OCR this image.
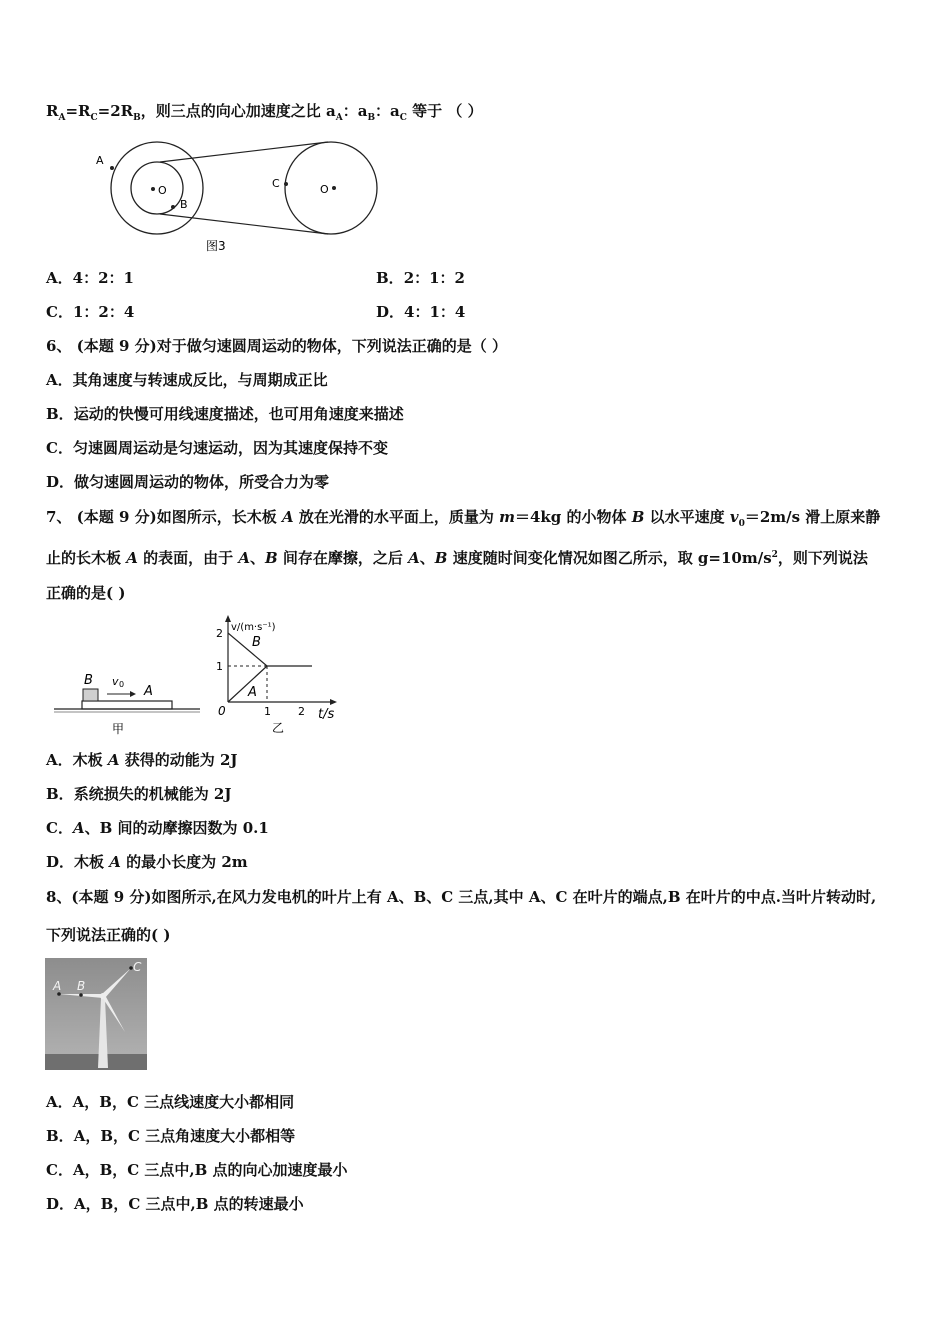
$R_A=R_C=2R_B$，则三点的向心加速度之比 $a_A$：$a_B$：$a_C$ 等于 （ ）
A
O
B
C	O
图3
A．4：2：1	B．2：1：2
C．1：2：4	D．4：1：4
6、 (本题 9 分)对于做匀速圆周运动的物体，下列说法正确的是（ ）
A．其角速度与转速成反比，与周期成正比
B．运动的快慢可用线速度描述，也可用角速度来描述
C．匀速圆周运动是匀速运动，因为其速度保持不变
D．做匀速圆周运动的物体，所受合力为零
7、 (本题 9 分)如图所示，长木板 A 放在光滑的水平面上，质量为 m＝4kg 的小物体 B 以水平速度 $v_0=2m/s$ 滑上原来静
止的长木板 A 的表面，由于 A、B 间存在摩擦，之后 A、B 速度随时间变化情况如图乙所示，取 $g=10m/s^2$，则下列说法
正确的是( )
B v 0 A
甲
v/(m·s⁻¹)
2
1
0	1 2 t/s
B
A
乙
A．木板 A 获得的动能为 2J
B．系统损失的机械能为 2J
C．A、B 间的动摩擦因数为 0.1
D．木板 A 的最小长度为 2m
8、(本题 9 分)如图所示,在风力发电机的叶片上有 A、B、C 三点,其中 A、C 在叶片的端点,B 在叶片的中点.当叶片转动时,
下列说法正确的( )
A B
C
A．A，B，C 三点线速度大小都相同
B．A，B，C 三点角速度大小都相等
C．A，B，C 三点中,B 点的向心加速度最小
D．A，B，C 三点中,B 点的转速最小
